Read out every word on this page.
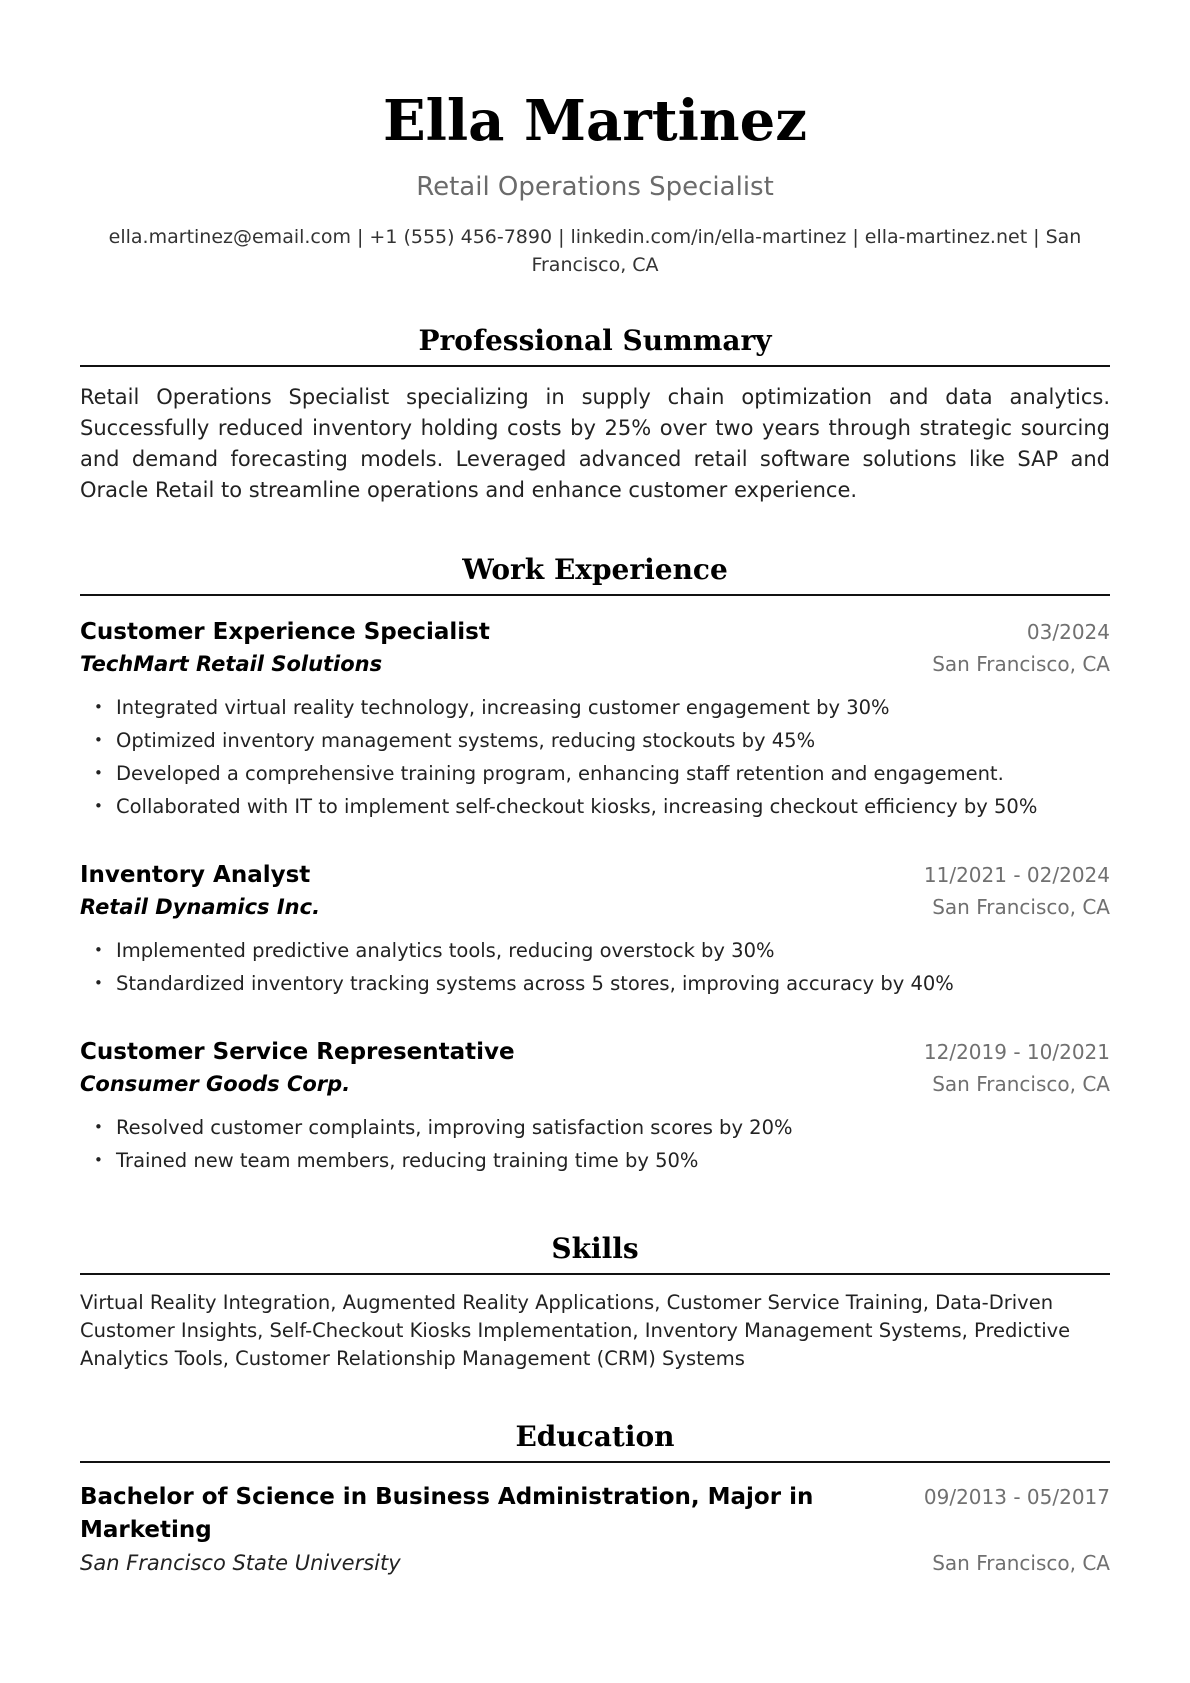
Ella Martinez
Retail Operations Specialist
ella.martinez@email.com | +1 (555) 456-7890 | linkedin.com/in/ella-martinez | ella-martinez.net | San Francisco, CA
Professional Summary

Retail Operations Specialist specializing in supply chain optimization and data analytics. Successfully reduced inventory holding costs by 25% over two years through strategic sourcing and demand forecasting models. Leveraged advanced retail software solutions like SAP and Oracle Retail to streamline operations and enhance customer experience.

Work Experience
Customer Experience Specialist	03/2024
TechMart Retail Solutions	San Francisco, CA
• Integrated virtual reality technology, increasing customer engagement by 30%
• Optimized inventory management systems, reducing stockouts by 45%
• Developed a comprehensive training program, enhancing staff retention and engagement.
• Collaborated with IT to implement self-checkout kiosks, increasing checkout efficiency by 50%
Inventory Analyst	11/2021 - 02/2024
Retail Dynamics Inc.	San Francisco, CA
• Implemented predictive analytics tools, reducing overstock by 30%
• Standardized inventory tracking systems across 5 stores, improving accuracy by 40%
Customer Service Representative	12/2019 - 10/2021
Consumer Goods Corp.	San Francisco, CA
• Resolved customer complaints, improving satisfaction scores by 20%
• Trained new team members, reducing training time by 50%
Skills

Virtual Reality Integration, Augmented Reality Applications, Customer Service Training, Data-Driven Customer Insights, Self-Checkout Kiosks Implementation, Inventory Management Systems, Predictive Analytics Tools, Customer Relationship Management (CRM) Systems

Education
Bachelor of Science in Business Administration, Major in Marketing
09/2013 - 05/2017
San Francisco State University	San Francisco, CA
